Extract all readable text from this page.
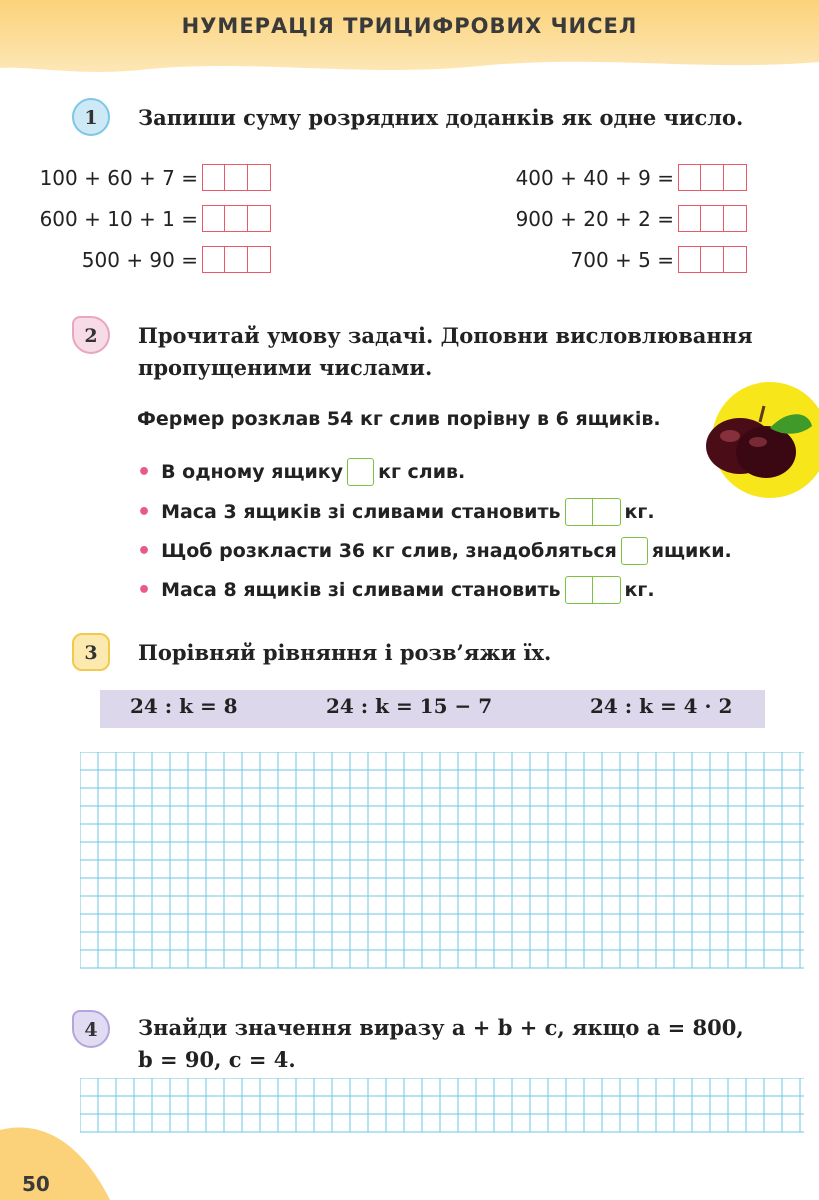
НУМЕРАЦІЯ ТРИЦИФРОВИХ ЧИСЕЛ
1	Запиши суму розрядних доданків як одне число.
100 + 60 + 7 =
600 + 10 + 1 =
500 + 90 =
400 + 40 + 9 =
900 + 20 + 2 =
700 + 5 =
2	Прочитай умову задачі. Доповни висловлювання
пропущеними числами.
Фермер розклав 54 кг слив порівну в 6 ящиків.
• В одному ящику кг слив.
• Маса 3 ящиків зі сливами становить	кг.
• Щоб розкласти 36 кг слив, знадобляться ящики.
• Маса 8 ящиків зі сливами становить	кг.
3	Порівняй рівняння і розв’яжи їх.
24 : k = 8	24 : k = 15 − 7	24 : k = 4 · 2
4	Знайди значення виразу a + b + c, якщо a = 800,
b = 90, c = 4.
50
